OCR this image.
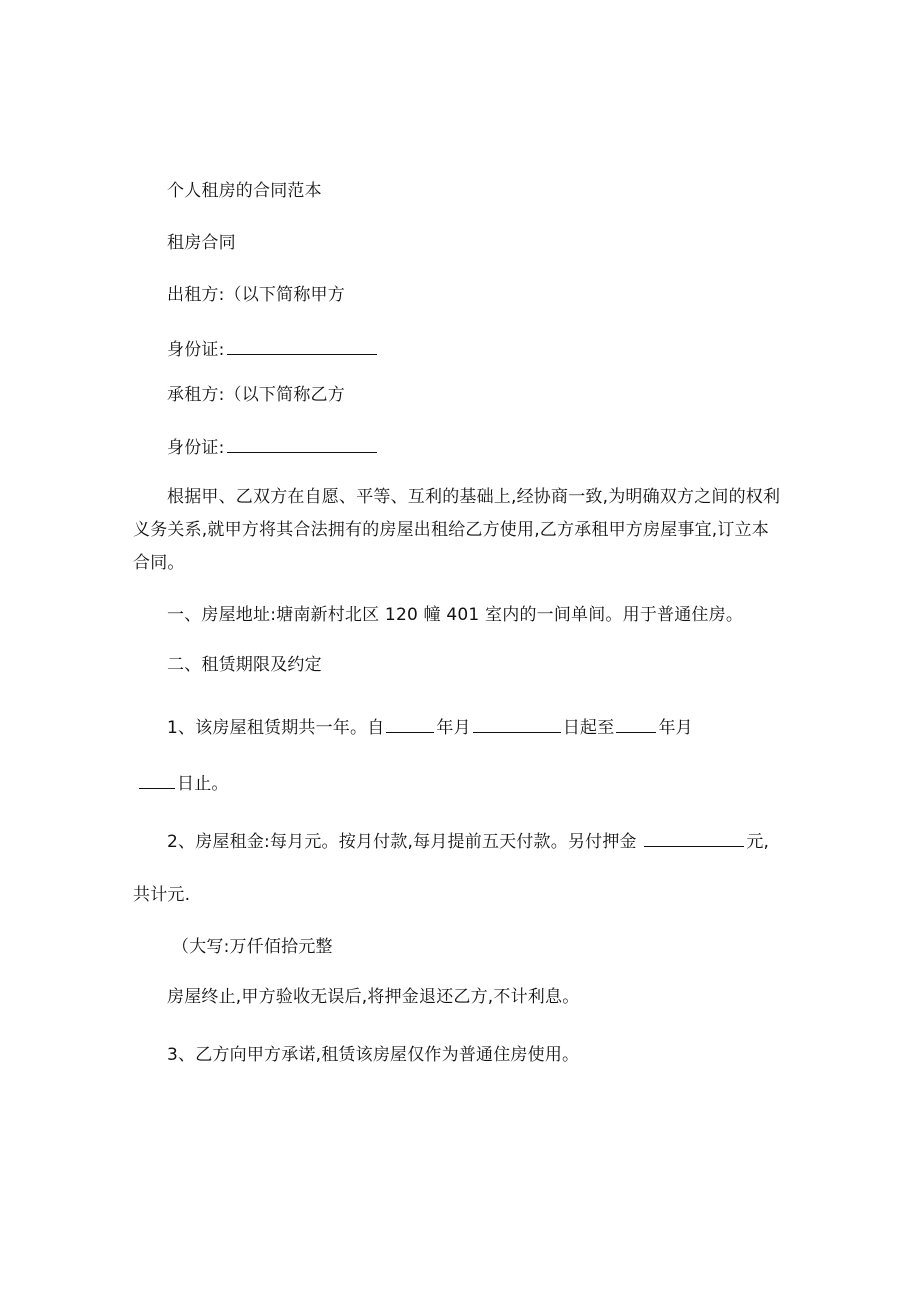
个人租房的合同范本
租房合同
出租方:（以下简称甲方
身份证:
承租方:（以下简称乙方
身份证:
根据甲、乙双方在自愿、平等、互利的基础上,经协商一致,为明确双方之间的权利义务关系,就甲方将其合法拥有的房屋出租给乙方使用,乙方承租甲方房屋事宜,订立本合同。
一、房屋地址:塘南新村北区 120 幢 401 室内的一间单间。用于普通住房。
二、租赁期限及约定
1、该房屋租赁期共一年。自	年月	日起至	年月
日止。
2、房屋租金:每月元。按月付款,每月提前五天付款。另付押金	元,
共计元.
（大写:万仟佰拾元整
房屋终止,甲方验收无误后,将押金退还乙方,不计利息。
3、乙方向甲方承诺,租赁该房屋仅作为普通住房使用。
